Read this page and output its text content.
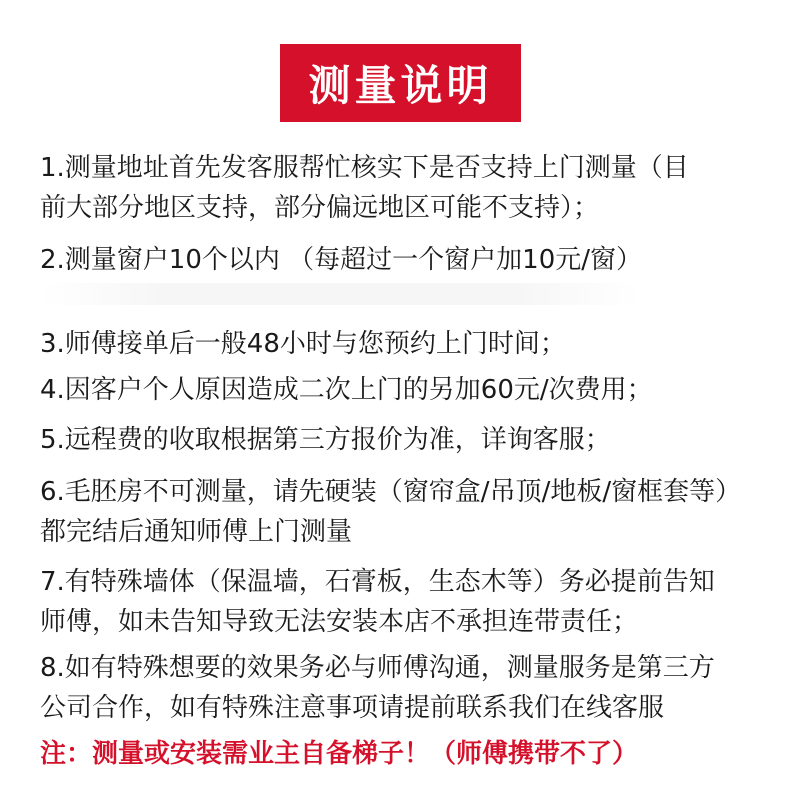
测量说明
1.测量地址首先发客服帮忙核实下是否支持上门测量（目
前大部分地区支持，部分偏远地区可能不支持）；
2.测量窗户10个以内 （每超过一个窗户加10元/窗）
3.师傅接单后一般48小时与您预约上门时间；
4.因客户个人原因造成二次上门的另加60元/次费用；
5.远程费的收取根据第三方报价为准，详询客服；
6.毛胚房不可测量，请先硬装（窗帘盒/吊顶/地板/窗框套等）
都完结后通知师傅上门测量
7.有特殊墙体（保温墙，石膏板，生态木等）务必提前告知
师傅，如未告知导致无法安装本店不承担连带责任；
8.如有特殊想要的效果务必与师傅沟通，测量服务是第三方
公司合作，如有特殊注意事项请提前联系我们在线客服
注：测量或安装需业主自备梯子！（师傅携带不了）
